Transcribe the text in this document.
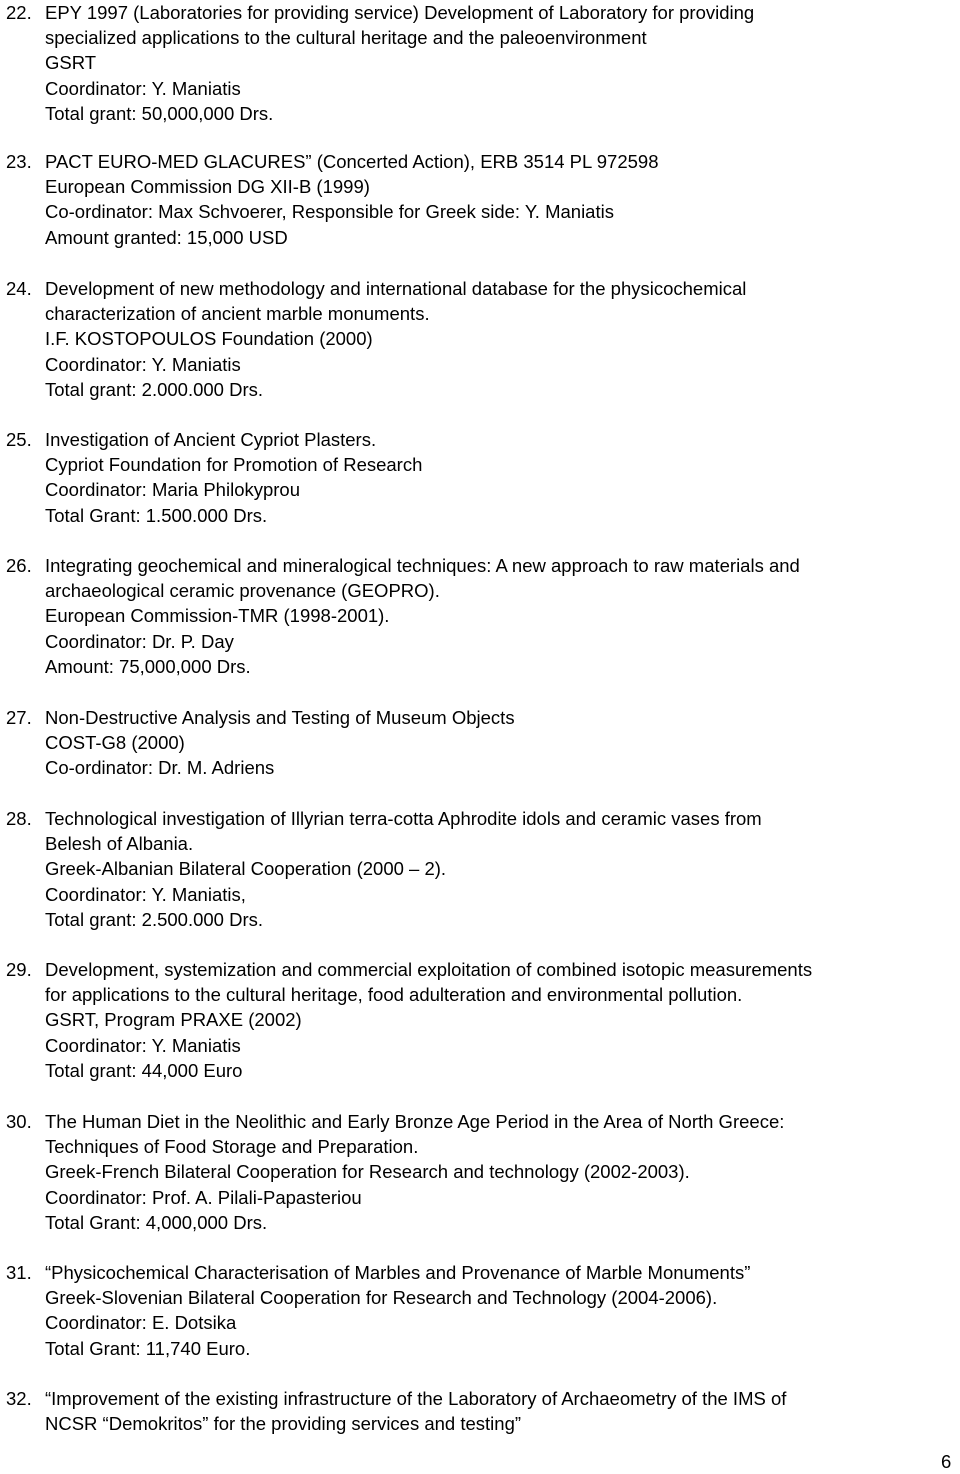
22. EPY 1997 (Laboratories for providing service) Development of Laboratory for providing
specialized applications to the cultural heritage and the paleoenvironment
GSRT
Coordinator: Y. Maniatis
Total grant: 50,000,000 Drs.
23. PACT EURO-MED GLACURES” (Concerted Action), ERB 3514 PL 972598
European Commission DG XII-B (1999)
Co-ordinator: Max Schvoerer, Responsible for Greek side: Y. Maniatis
Amount granted: 15,000 USD
24. Development of new methodology and international database for the physicochemical
characterization of ancient marble monuments.
I.F. KOSTOPOULOS Foundation (2000)
Coordinator: Y. Maniatis
Total grant: 2.000.000 Drs.
25. Investigation of Ancient Cypriot Plasters.
Cypriot Foundation for Promotion of Research
Coordinator: Maria Philokyprou
Total Grant: 1.500.000 Drs.
26. Integrating geochemical and mineralogical techniques: A new approach to raw materials and
archaeological ceramic provenance (GEOPRO).
European Commission-TMR (1998-2001).
Coordinator: Dr. P. Day
Amount: 75,000,000 Drs.
27. Non-Destructive Analysis and Testing of Museum Objects
COST-G8 (2000)
Co-ordinator: Dr. M. Adriens
28. Technological investigation of Illyrian terra-cotta Aphrodite idols and ceramic vases from
Belesh of Albania.
Greek-Albanian Bilateral Cooperation (2000 – 2).
Coordinator: Y. Maniatis,
Total grant: 2.500.000 Drs.
29. Development, systemization and commercial exploitation of combined isotopic measurements
for applications to the cultural heritage, food adulteration and environmental pollution.
GSRT, Program PRAXE (2002)
Coordinator: Y. Maniatis
Total grant: 44,000 Euro
30. The Human Diet in the Neolithic and Early Bronze Age Period in the Area of North Greece:
Techniques of Food Storage and Preparation.
Greek-French Bilateral Cooperation for Research and technology (2002-2003).
Coordinator: Prof. A. Pilali-Papasteriou
Total Grant: 4,000,000 Drs.
31. “Physicochemical Characterisation of Marbles and Provenance of Marble Monuments”
Greek-Slovenian Bilateral Cooperation for Research and Technology (2004-2006).
Coordinator: E. Dotsika
Total Grant: 11,740 Euro.
32. “Improvement of the existing infrastructure of the Laboratory of Archaeometry of the IMS of
NCSR “Demokritos” for the providing services and testing”
6
